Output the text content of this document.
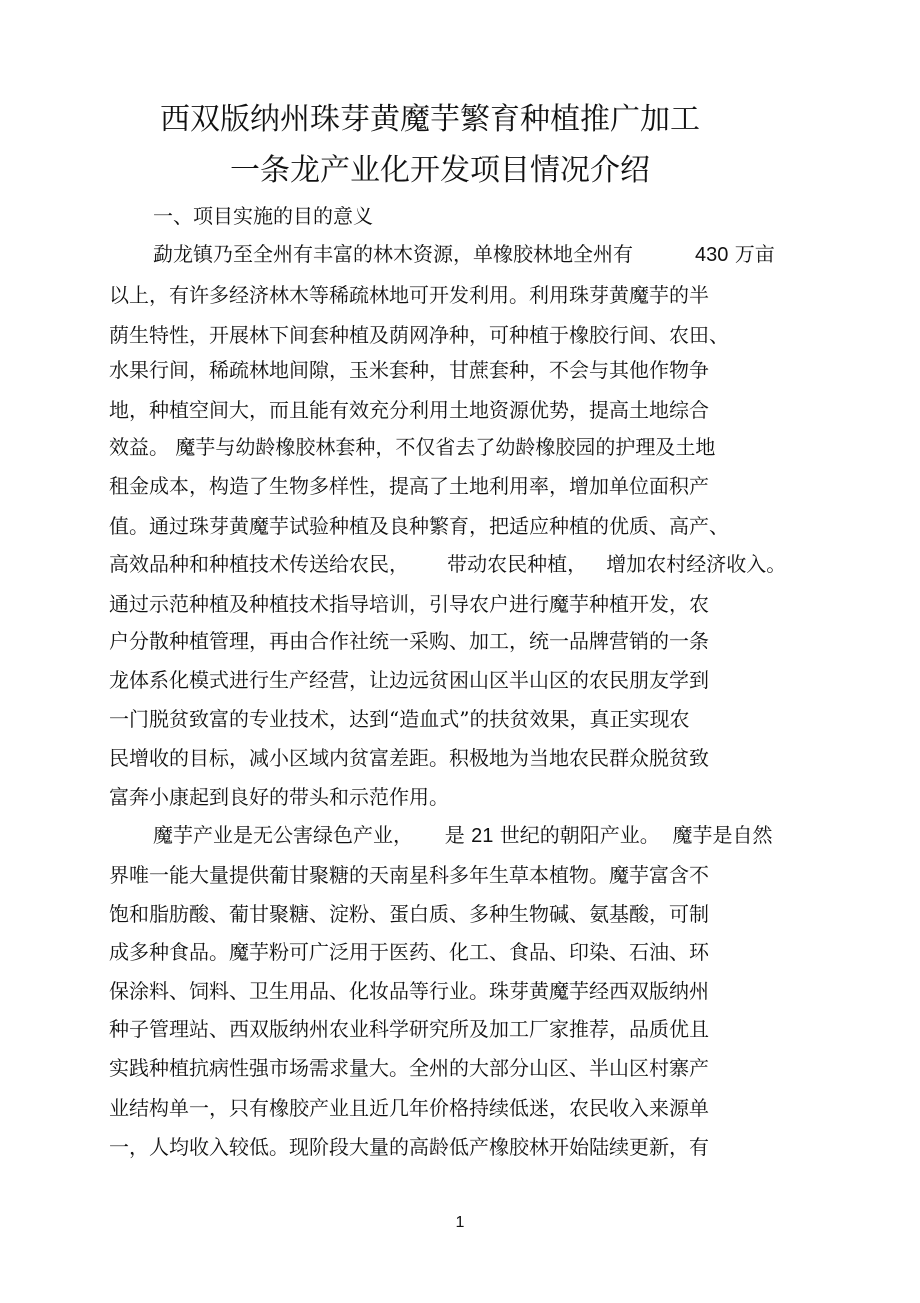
西双版纳州珠芽黄魔芋繁育种植推广加工
一条龙产业化开发项目情况介绍

一、项目实施的目的意义

勐龙镇乃至全州有丰富的林木资源，单橡胶林地全州有	430 万亩

以上，有许多经济林木等稀疏林地可开发利用。利用珠芽黄魔芋的半

荫生特性，开展林下间套种植及荫网净种，可种植于橡胶行间、农田、

水果行间，稀疏林地间隙，玉米套种，甘蔗套种，不会与其他作物争

地，种植空间大，而且能有效充分利用土地资源优势，提高土地综合

效益。 魔芋与幼龄橡胶林套种，不仅省去了幼龄橡胶园的护理及土地

租金成本，构造了生物多样性，提高了土地利用率，增加单位面积产

值。通过珠芽黄魔芋试验种植及良种繁育，把适应种植的优质、高产、

高效品种和种植技术传送给农民，      带动农民种植，   增加农村经济收入。

通过示范种植及种植技术指导培训，引导农户进行魔芋种植开发，农

户分散种植管理，再由合作社统一采购、加工，统一品牌营销的一条

龙体系化模式进行生产经营，让边远贫困山区半山区的农民朋友学到

一门脱贫致富的专业技术，达到“造血式”的扶贫效果，真正实现农

民增收的目标，减小区域内贫富差距。积极地为当地农民群众脱贫致

富奔小康起到良好的带头和示范作用。

魔芋产业是无公害绿色产业，     是 21 世纪的朝阳产业。  魔芋是自然

界唯一能大量提供葡甘聚糖的天南星科多年生草本植物。魔芋富含不

饱和脂肪酸、葡甘聚糖、淀粉、蛋白质、多种生物碱、氨基酸，可制

成多种食品。魔芋粉可广泛用于医药、化工、食品、印染、石油、环

保涂料、饲料、卫生用品、化妆品等行业。珠芽黄魔芋经西双版纳州

种子管理站、西双版纳州农业科学研究所及加工厂家推荐，品质优且

实践种植抗病性强市场需求量大。全州的大部分山区、半山区村寨产

业结构单一，只有橡胶产业且近几年价格持续低迷，农民收入来源单

一，人均收入较低。现阶段大量的高龄低产橡胶林开始陆续更新，有

1
